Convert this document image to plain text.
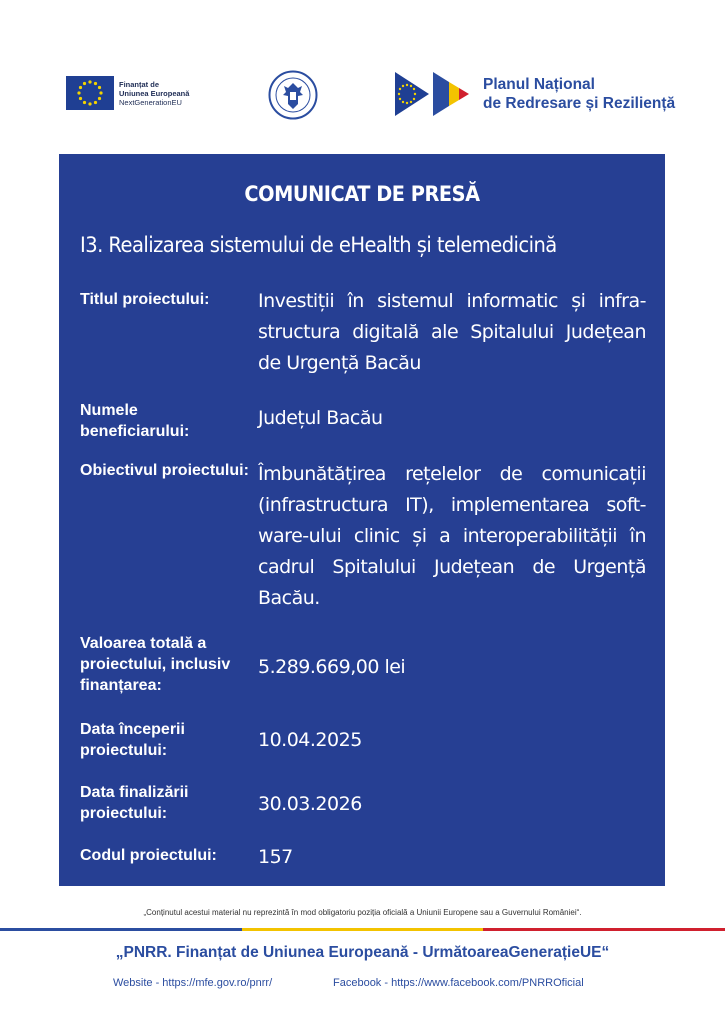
Finanțat de
Uniunea Europeană
NextGenerationEU
Planul Național
de Redresare și Reziliență
COMUNICAT DE PRESĂ
I3. Realizarea sistemului de eHealth și telemedicină
Titlul proiectului:	Investiții în sistemul informatic și infra-structura digitală ale Spitalului Județean de Urgență Bacău
Numele beneficiarului:
Județul Bacău
Obiectivul proiectului: Îmbunătățirea rețelelor de comunicații (infrastructura IT), implementarea soft-ware-ului clinic și a interoperabilității în cadrul Spitalului Județean de Urgență Bacău.
Valoarea totală a proiectului, inclusiv finanțarea:
5.289.669,00 lei
Data începerii proiectului:	10.04.2025
Data finalizării proiectului:	30.03.2026
Codul proiectului:	157
„Conținutul acestui material nu reprezintă în mod obligatoriu poziția oficială a Uniunii Europene sau a Guvernului României“.
„PNRR. Finanțat de Uniunea Europeană - UrmătoareaGenerațieUE“
Website - https://mfe.gov.ro/pnrr/	Facebook - https://www.facebook.com/PNRROficial
